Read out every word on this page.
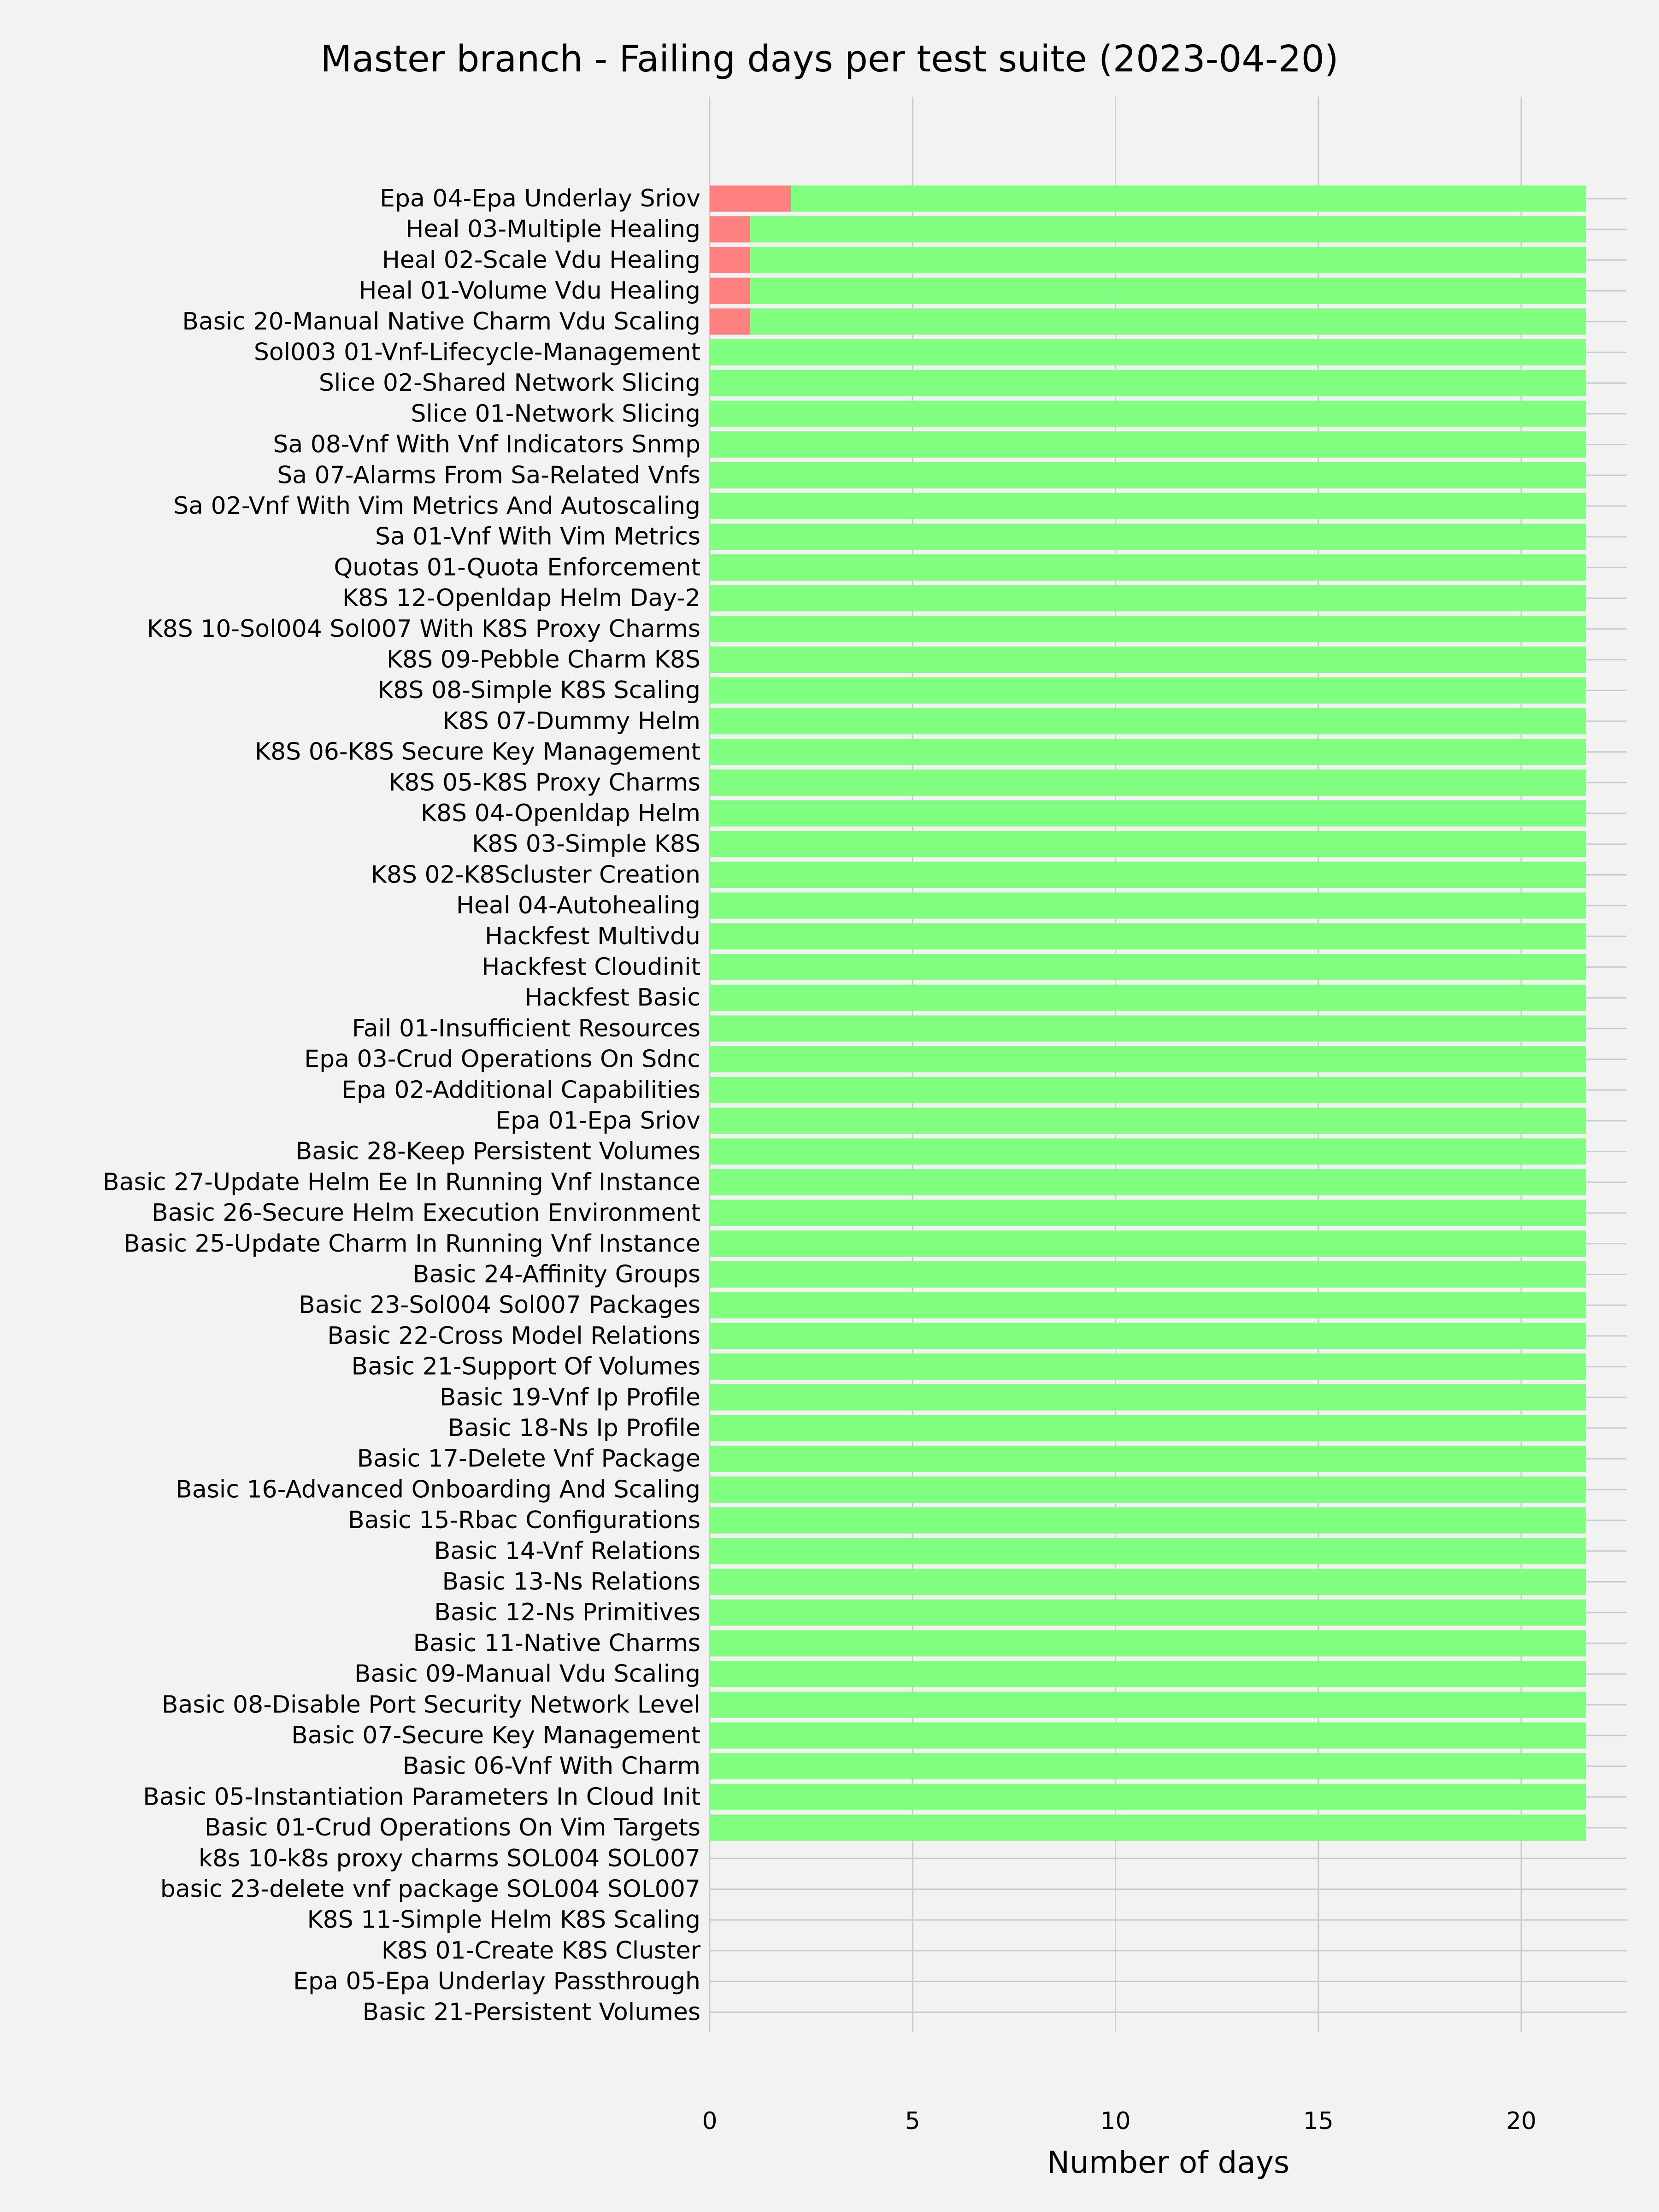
Master branch - Failing days per test suite (2023-04-20)
Epa 04-Epa Underlay Sriov
Heal 03-Multiple Healing
Heal 02-Scale Vdu Healing
Heal 01-Volume Vdu Healing
Basic 20-Manual Native Charm Vdu Scaling
Sol003 01-Vnf-Lifecycle-Management
Slice 02-Shared Network Slicing
Slice 01-Network Slicing
Sa 08-Vnf With Vnf Indicators Snmp
Sa 07-Alarms From Sa-Related Vnfs
Sa 02-Vnf With Vim Metrics And Autoscaling
Sa 01-Vnf With Vim Metrics
Quotas 01-Quota Enforcement
K8S 12-Openldap Helm Day-2
K8S 10-Sol004 Sol007 With K8S Proxy Charms
K8S 09-Pebble Charm K8S
K8S 08-Simple K8S Scaling
K8S 07-Dummy Helm
K8S 06-K8S Secure Key Management
K8S 05-K8S Proxy Charms
K8S 04-Openldap Helm
K8S 03-Simple K8S
K8S 02-K8Scluster Creation
Heal 04-Autohealing
Hackfest Multivdu
Hackfest Cloudinit
Hackfest Basic
Fail 01-Insufficient Resources
Epa 03-Crud Operations On Sdnc
Epa 02-Additional Capabilities
Epa 01-Epa Sriov
Basic 28-Keep Persistent Volumes
Basic 27-Update Helm Ee In Running Vnf Instance
Basic 26-Secure Helm Execution Environment
Basic 25-Update Charm In Running Vnf Instance
Basic 24-Affinity Groups
Basic 23-Sol004 Sol007 Packages
Basic 22-Cross Model Relations
Basic 21-Support Of Volumes
Basic 19-Vnf Ip Profile
Basic 18-Ns Ip Profile
Basic 17-Delete Vnf Package
Basic 16-Advanced Onboarding And Scaling
Basic 15-Rbac Configurations
Basic 14-Vnf Relations
Basic 13-Ns Relations
Basic 12-Ns Primitives
Basic 11-Native Charms
Basic 09-Manual Vdu Scaling
Basic 08-Disable Port Security Network Level
Basic 07-Secure Key Management
Basic 06-Vnf With Charm
Basic 05-Instantiation Parameters In Cloud Init
Basic 01-Crud Operations On Vim Targets
k8s 10-k8s proxy charms SOL004 SOL007
basic 23-delete vnf package SOL004 SOL007
K8S 11-Simple Helm K8S Scaling
K8S 01-Create K8S Cluster
Epa 05-Epa Underlay Passthrough
Basic 21-Persistent Volumes
0	5	10	15	20
Number of days
